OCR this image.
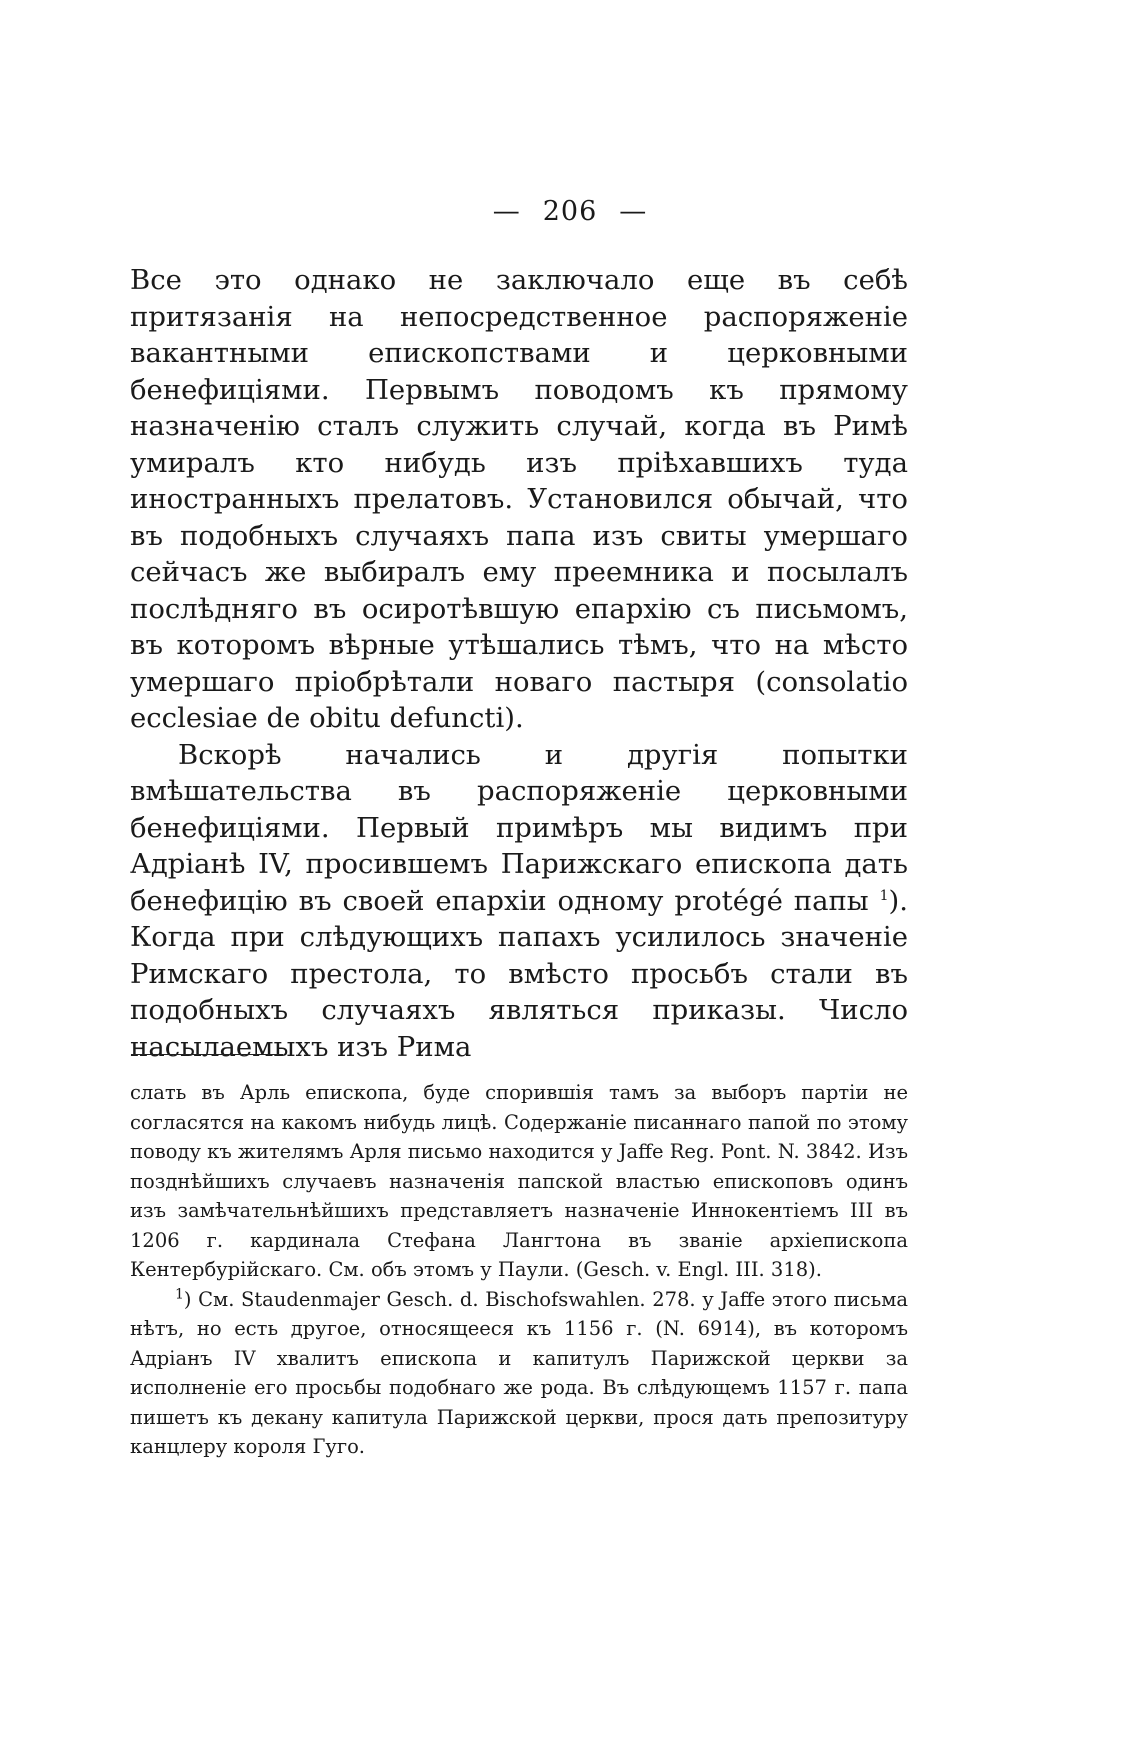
— 206 —

Все это однако не заключало еще въ себѣ притязанія на непосредственное распоряженіе вакантными епископствами и церковными бенефиціями. Первымъ поводомъ къ прямому назначенію сталъ служить случай, когда въ Римѣ умиралъ кто нибудь изъ пріѣхавшихъ туда иностранныхъ прелатовъ. Установился обычай, что въ подобныхъ случаяхъ папа изъ свиты умершаго сейчасъ же выбиралъ ему преемника и посылалъ послѣдняго въ осиротѣвшую епархію съ письмомъ, въ которомъ вѣрные утѣшались тѣмъ, что на мѣсто умершаго пріобрѣтали новаго пастыря (consolatio ecclesiae de obitu defuncti).

Вскорѣ начались и другія попытки вмѣшательства въ распоряженіе церковными бенефиціями. Первый примѣръ мы видимъ при Адріанѣ IV, просившемъ Парижскаго епископа дать бенефицію въ своей епархіи одному protégé папы $^1$). Когда при слѣдующихъ папахъ усилилось значеніе Римскаго престола, то вмѣсто просьбъ стали въ подобныхъ случаяхъ являться приказы. Число насылаемыхъ изъ Рима

слать въ Арль епископа, буде спорившія тамъ за выборъ партіи не согласятся на какомъ нибудь лицѣ. Содержаніе писаннаго папой по этому поводу къ жителямъ Арля письмо находится у Jaffe Reg. Pont. N. 3842. Изъ позднѣйшихъ случаевъ назначенія папской властью епископовъ одинъ изъ замѣчательнѣйшихъ представляетъ назначеніе Иннокентіемъ III въ 1206 г. кардинала Стефана Лангтона въ званіе архіепископа Кентербурійскаго. См. объ этомъ у Паули. (Gesch. v. Engl. III. 318).

$^1$) См. Staudenmajer Gesch. d. Bischofswahlen. 278. у Jaffe этого письма нѣтъ, но есть другое, относящееся къ 1156 г. (N. 6914), въ которомъ Адріанъ IV хвалитъ епископа и капитулъ Парижской церкви за исполненіе его просьбы подобнаго же рода. Въ слѣдующемъ 1157 г. папа пишетъ къ декану капитула Парижской церкви, прося дать препозитуру канцлеру короля Гуго.
